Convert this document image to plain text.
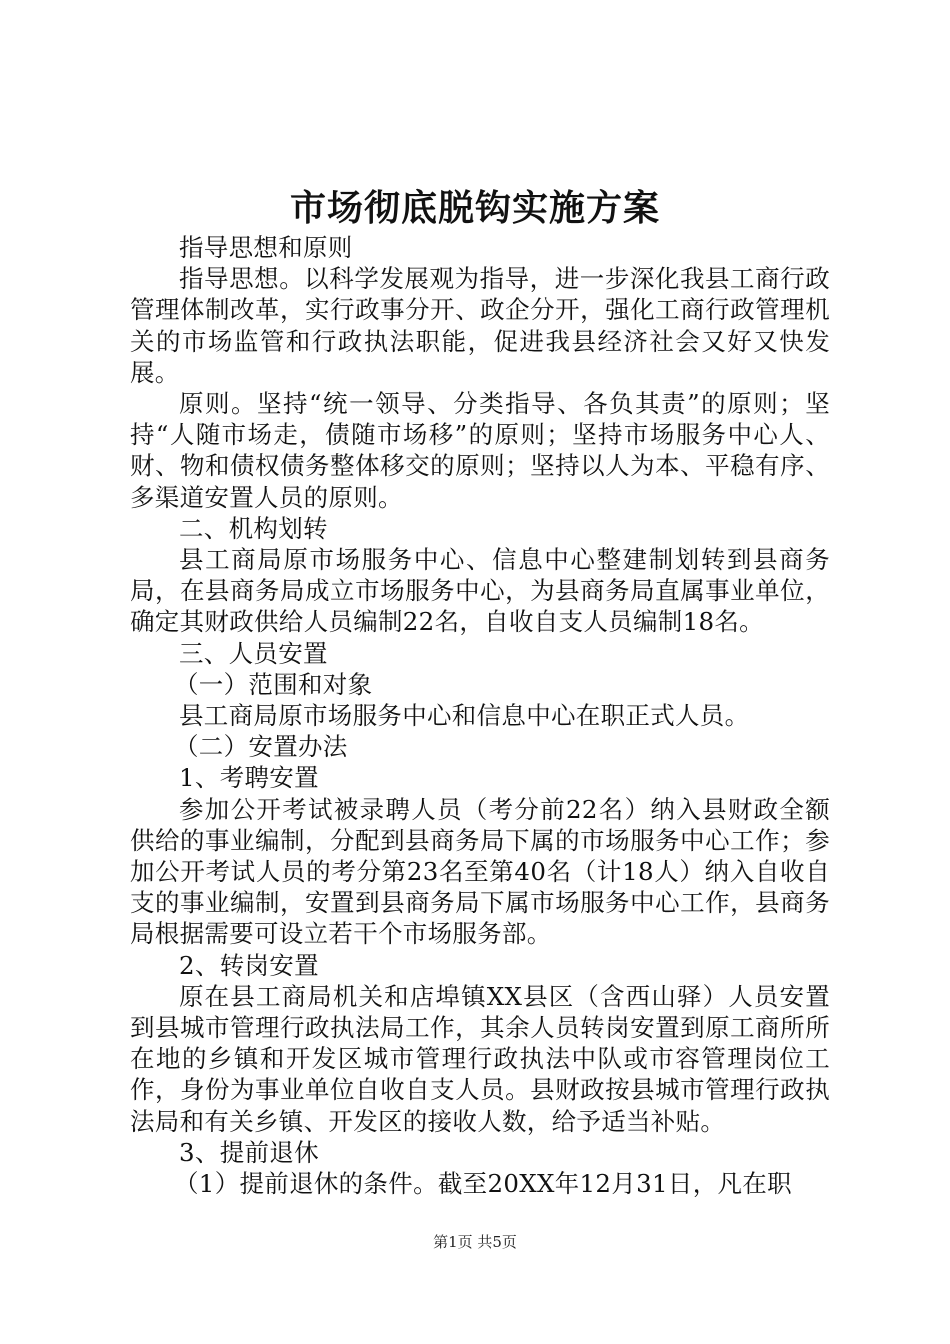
市场彻底脱钩实施方案

指导思想和原则

指导思想。以科学发展观为指导，进一步深化我县工商行政管理体制改革，实行政事分开、政企分开，强化工商行政管理机关的市场监管和行政执法职能，促进我县经济社会又好又快发展。

原则。坚持“统一领导、分类指导、各负其责”的原则；坚持“人随市场走，债随市场移”的原则；坚持市场服务中心人、财、物和债权债务整体移交的原则；坚持以人为本、平稳有序、多渠道安置人员的原则。

二、机构划转

县工商局原市场服务中心、信息中心整建制划转到县商务局，在县商务局成立市场服务中心，为县商务局直属事业单位，确定其财政供给人员编制22名，自收自支人员编制18名。

三、人员安置

（一）范围和对象

县工商局原市场服务中心和信息中心在职正式人员。

（二）安置办法

1、考聘安置

参加公开考试被录聘人员（考分前22名）纳入县财政全额供给的事业编制，分配到县商务局下属的市场服务中心工作；参加公开考试人员的考分第23名至第40名（计18人）纳入自收自支的事业编制，安置到县商务局下属市场服务中心工作，县商务局根据需要可设立若干个市场服务部。

2、转岗安置

原在县工商局机关和店埠镇XX县区（含西山驿）人员安置到县城市管理行政执法局工作，其余人员转岗安置到原工商所所在地的乡镇和开发区城市管理行政执法中队或市容管理岗位工作，身份为事业单位自收自支人员。县财政按县城市管理行政执法局和有关乡镇、开发区的接收人数，给予适当补贴。

3、提前退休

（1）提前退休的条件。截至20XX年12月31日，凡在职

第1页 共5页
